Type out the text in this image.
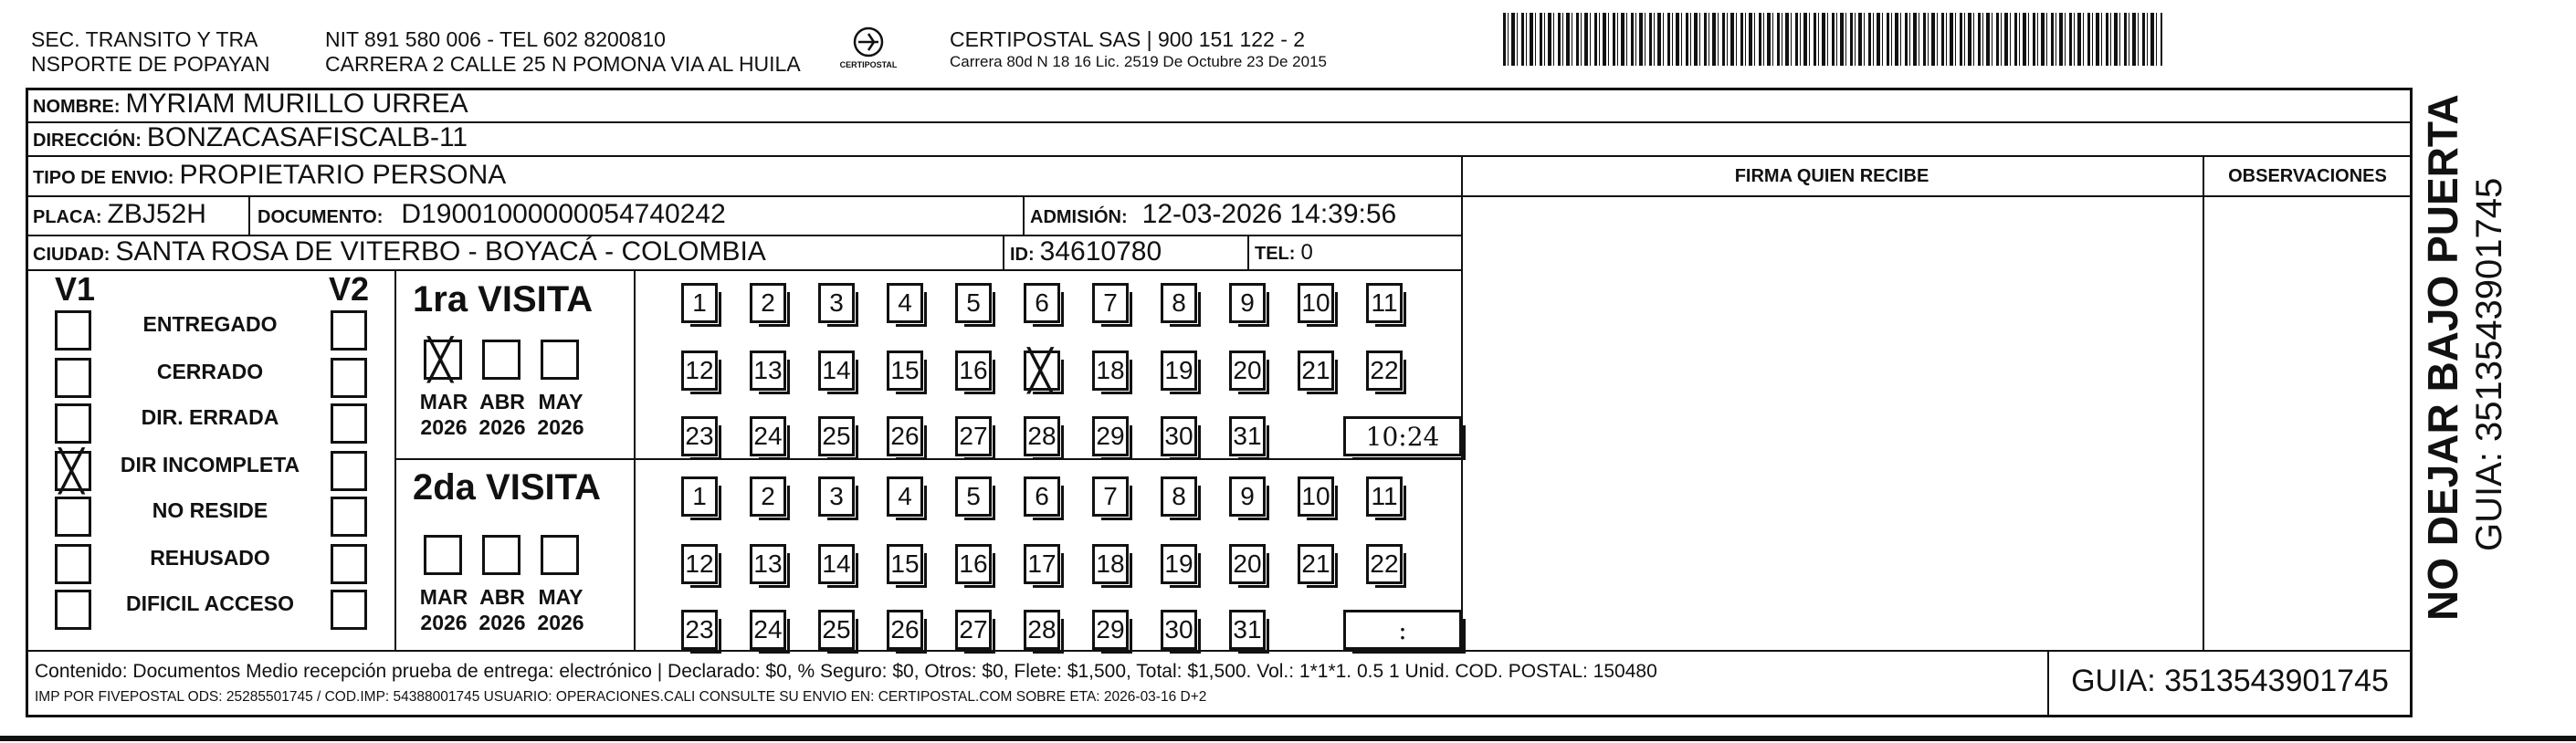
SEC. TRANSITO Y TRA
NSPORTE DE POPAYAN
NIT 891 580 006 - TEL 602 8200810
CARRERA 2 CALLE 25 N POMONA VIA AL HUILA	CERTIPOSTAL
CERTIPOSTAL SAS | 900 151 122 - 2
Carrera 80d N 18 16 Lic. 2519 De Octubre 23 De 2015
NOMBRE: MYRIAM MURILLO URREA
DIRECCIÓN: BONZACASAFISCALB-11
TIPO DE ENVIO: PROPIETARIO PERSONA
PLACA: ZBJ52H	DOCUMENTO: D19001000000054740242	ADMISIÓN: 12-03-2026 14:39:56
CIUDAD: SANTA ROSA DE VITERBO - BOYACÁ - COLOMBIA	ID: 34610780	TEL: 0
FIRMA QUIEN RECIBE	OBSERVACIONES
V1	V2
ENTREGADO
CERRADO
DIR. ERRADA
╳	DIR INCOMPLETA
NO RESIDE
REHUSADO
DIFICIL ACCESO
1ra VISITA
╳
MAR
2026
ABR
2026
MAY
2026
1	2	3	4	5	6	7	8	9	10 11
12 13 14 15 16 ╳ 18 19 20 21 22
23 24 25 26 27 28 29 30 31	10:24
2da VISITA
MAR
2026
ABR
2026
MAY
2026
1	2	3	4	5	6	7	8	9	10 11
12 13 14 15 16 17 18 19 20 21 22
23 24 25 26 27 28 29 30 31	:
Contenido: Documentos Medio recepción prueba de entrega: electrónico | Declarado: $0, % Seguro: $0, Otros: $0, Flete: $1,500, Total: $1,500. Vol.: 1*1*1. 0.5 1 Unid. COD. POSTAL: 150480
IMP POR FIVEPOSTAL ODS: 25285501745 / COD.IMP: 54388001745 USUARIO: OPERACIONES.CALI CONSULTE SU ENVIO EN: CERTIPOSTAL.COM SOBRE ETA: 2026-03-16 D+2	GUIA: 3513543901745
NO DEJAR BAJO PUERTA GUIA: 3513543901745
